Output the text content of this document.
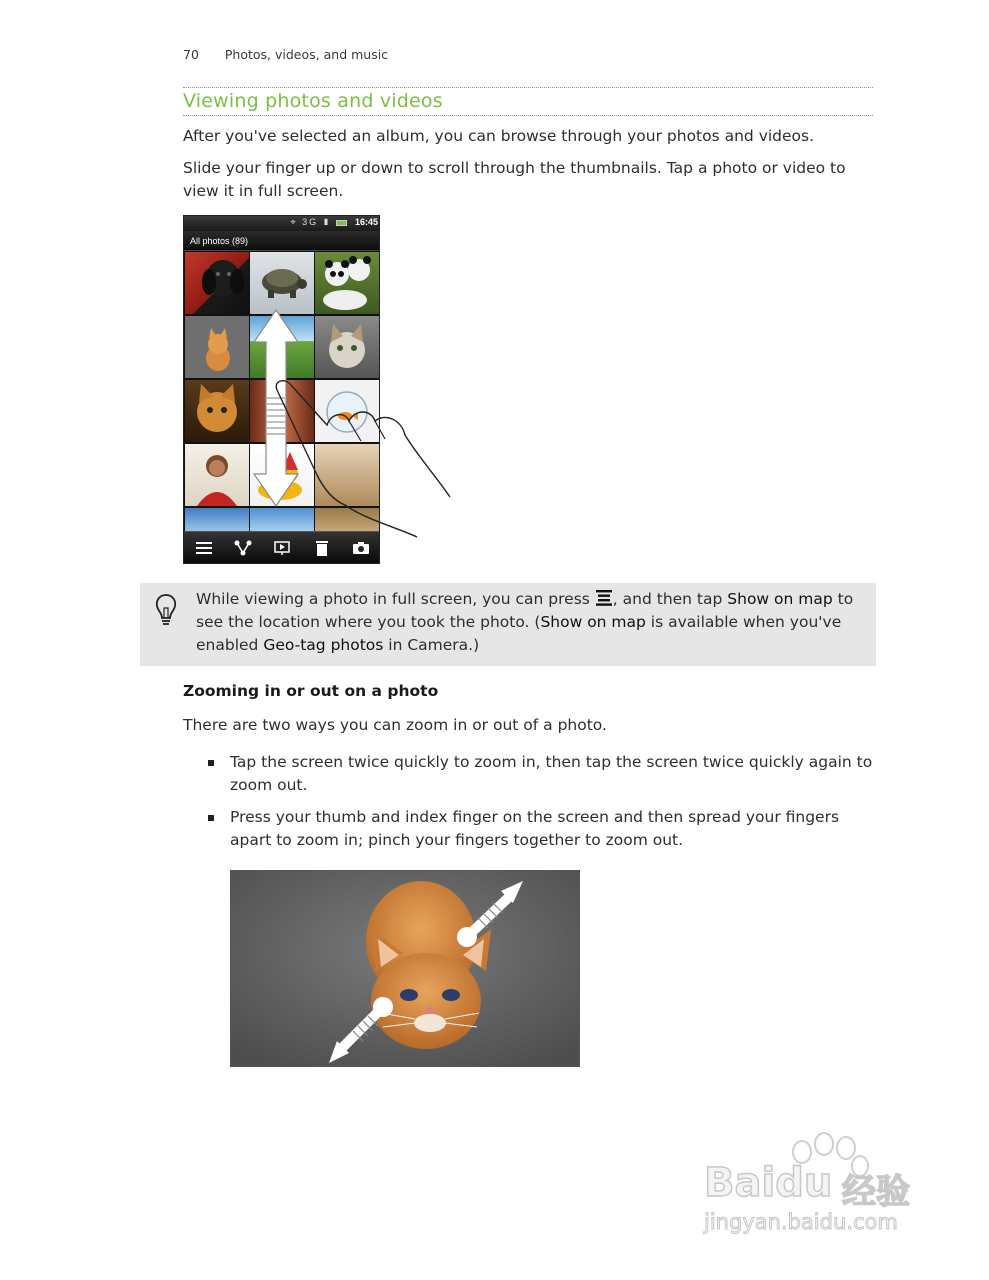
70 Photos, videos, and music
Viewing photos and videos

After you've selected an album, you can browse through your photos and videos.

Slide your finger up or down to scroll through the thumbnails. Tap a photo or video to view it in full screen.

⌖ 3G ▮	16:45
All photos (89)

While viewing a photo in full screen, you can press , and then tap Show on map to see the location where you took the photo. (Show on map is available when you've enabled Geo-tag photos in Camera.)

Zooming in or out on a photo

There are two ways you can zoom in or out of a photo.

Tap the screen twice quickly to zoom in, then tap the screen twice quickly again to zoom out.
Press your thumb and index finger on the screen and then spread your fingers apart to zoom in; pinch your fingers together to zoom out.
Baidu 经验
jingyan.baidu.com
